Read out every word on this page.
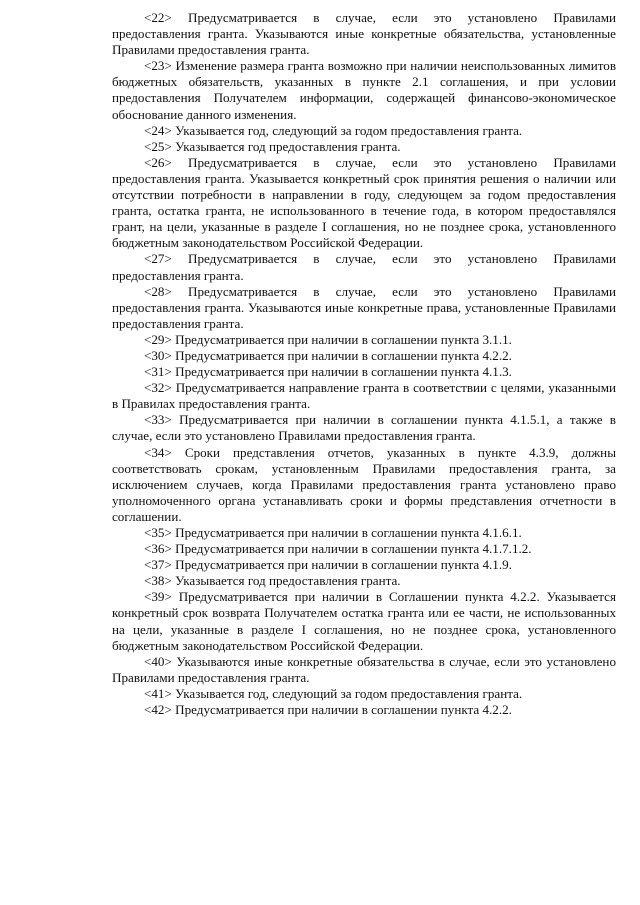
<22> Предусматривается в случае, если это установлено Правилами предоставления гранта. Указываются иные конкретные обязательства, установленные Правилами предоставления гранта.

<23> Изменение размера гранта возможно при наличии неиспользованных лимитов бюджетных обязательств, указанных в пункте 2.1 соглашения, и при условии предоставления Получателем информации, содержащей финансово-экономическое обоснование данного изменения.

<24> Указывается год, следующий за годом предоставления гранта.

<25> Указывается год предоставления гранта.

<26> Предусматривается в случае, если это установлено Правилами предоставления гранта. Указывается конкретный срок принятия решения о наличии или отсутствии потребности в направлении в году, следующем за годом предоставления гранта, остатка гранта, не использованного в течение года, в котором предоставлялся грант, на цели, указанные в разделе I соглашения, но не позднее срока, установленного бюджетным законодательством Российской Федерации.

<27> Предусматривается в случае, если это установлено Правилами предоставления гранта.

<28> Предусматривается в случае, если это установлено Правилами предоставления гранта. Указываются иные конкретные права, установленные Правилами предоставления гранта.

<29> Предусматривается при наличии в соглашении пункта 3.1.1.

<30> Предусматривается при наличии в соглашении пункта 4.2.2.

<31> Предусматривается при наличии в соглашении пункта 4.1.3.

<32> Предусматривается направление гранта в соответствии с целями, указанными в Правилах предоставления гранта.

<33> Предусматривается при наличии в соглашении пункта 4.1.5.1, а также в случае, если это установлено Правилами предоставления гранта.

<34> Сроки представления отчетов, указанных в пункте 4.3.9, должны соответствовать срокам, установленным Правилами предоставления гранта, за исключением случаев, когда Правилами предоставления гранта установлено право уполномоченного органа устанавливать сроки и формы представления отчетности в соглашении.

<35> Предусматривается при наличии в соглашении пункта 4.1.6.1.

<36> Предусматривается при наличии в соглашении пункта 4.1.7.1.2.

<37> Предусматривается при наличии в соглашении пункта 4.1.9.

<38> Указывается год предоставления гранта.

<39> Предусматривается при наличии в Соглашении пункта 4.2.2. Указывается конкретный срок возврата Получателем остатка гранта или ее части, не использованных на цели, указанные в разделе I соглашения, но не позднее срока, установленного бюджетным законодательством Российской Федерации.

<40> Указываются иные конкретные обязательства в случае, если это установлено Правилами предоставления гранта.

<41> Указывается год, следующий за годом предоставления гранта.

<42> Предусматривается при наличии в соглашении пункта 4.2.2.
